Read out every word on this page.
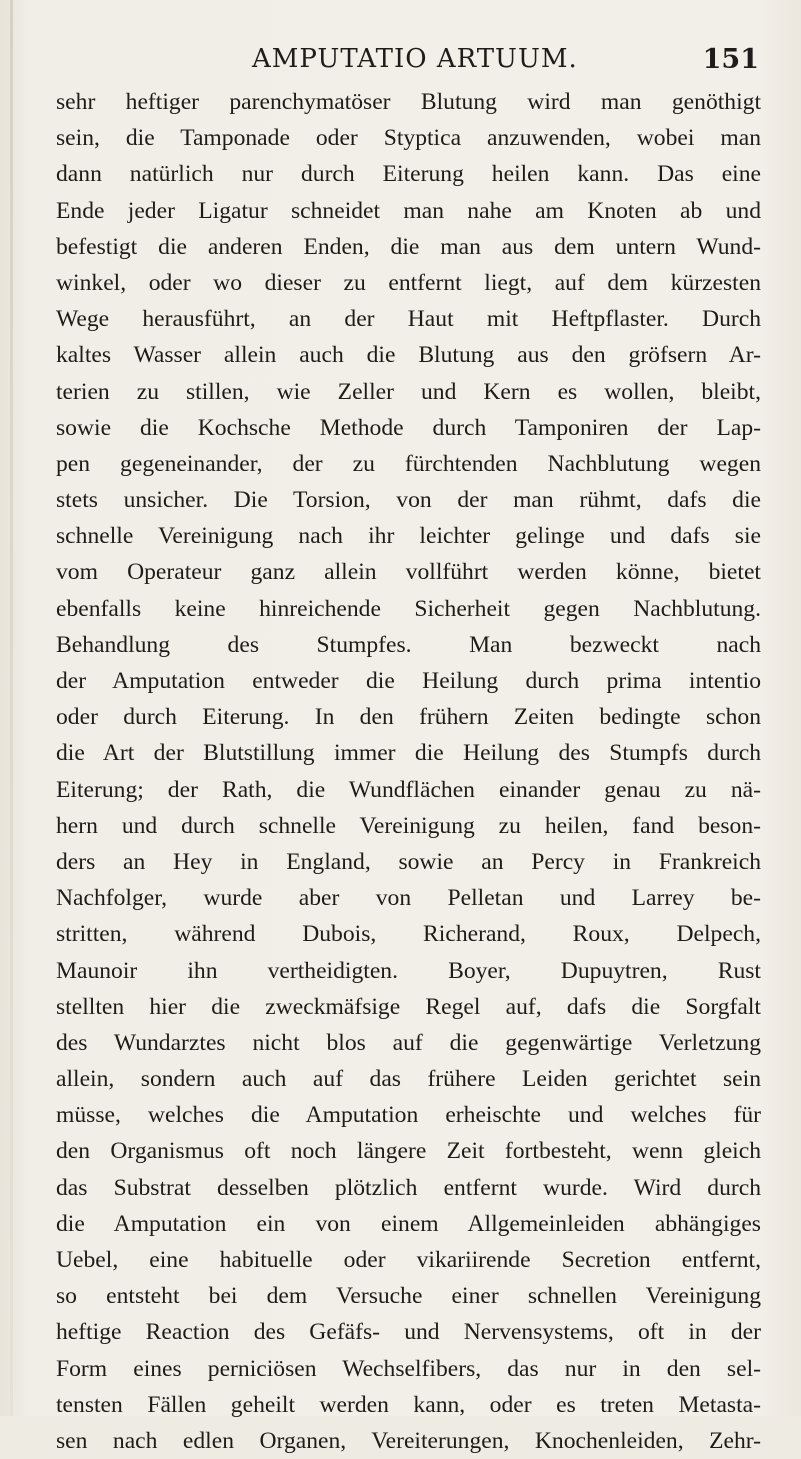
AMPUTATIO ARTUUM.	151
sehr heftiger parenchymatöser Blutung wird man genöthigt
sein, die Tamponade oder Styptica anzuwenden, wobei man
dann natürlich nur durch Eiterung heilen kann. Das eine
Ende jeder Ligatur schneidet man nahe am Knoten ab und
befestigt die anderen Enden, die man aus dem untern Wund-
winkel, oder wo dieser zu entfernt liegt, auf dem kürzesten
Wege herausführt, an der Haut mit Heftpflaster. Durch
kaltes Wasser allein auch die Blutung aus den gröfsern Ar-
terien zu stillen, wie Zeller und Kern es wollen, bleibt,
sowie die Kochsche Methode durch Tamponiren der Lap-
pen gegeneinander, der zu fürchtenden Nachblutung wegen
stets unsicher. Die Torsion, von der man rühmt, dafs die
schnelle Vereinigung nach ihr leichter gelinge und dafs sie
vom Operateur ganz allein vollführt werden könne, bietet
ebenfalls keine hinreichende Sicherheit gegen Nachblutung.
Behandlung des Stumpfes. Man bezweckt nach
der Amputation entweder die Heilung durch prima intentio
oder durch Eiterung. In den frühern Zeiten bedingte schon
die Art der Blutstillung immer die Heilung des Stumpfs durch
Eiterung; der Rath, die Wundflächen einander genau zu nä-
hern und durch schnelle Vereinigung zu heilen, fand beson-
ders an Hey in England, sowie an Percy in Frankreich
Nachfolger, wurde aber von Pelletan und Larrey be-
stritten, während Dubois, Richerand, Roux, Delpech,
Maunoir ihn vertheidigten. Boyer, Dupuytren, Rust
stellten hier die zweckmäfsige Regel auf, dafs die Sorgfalt
des Wundarztes nicht blos auf die gegenwärtige Verletzung
allein, sondern auch auf das frühere Leiden gerichtet sein
müsse, welches die Amputation erheischte und welches für
den Organismus oft noch längere Zeit fortbesteht, wenn gleich
das Substrat desselben plötzlich entfernt wurde. Wird durch
die Amputation ein von einem Allgemeinleiden abhängiges
Uebel, eine habituelle oder vikariirende Secretion entfernt,
so entsteht bei dem Versuche einer schnellen Vereinigung
heftige Reaction des Gefäfs- und Nervensystems, oft in der
Form eines perniciösen Wechselfibers, das nur in den sel-
tensten Fällen geheilt werden kann, oder es treten Metasta-
sen nach edlen Organen, Vereiterungen, Knochenleiden, Zehr-
